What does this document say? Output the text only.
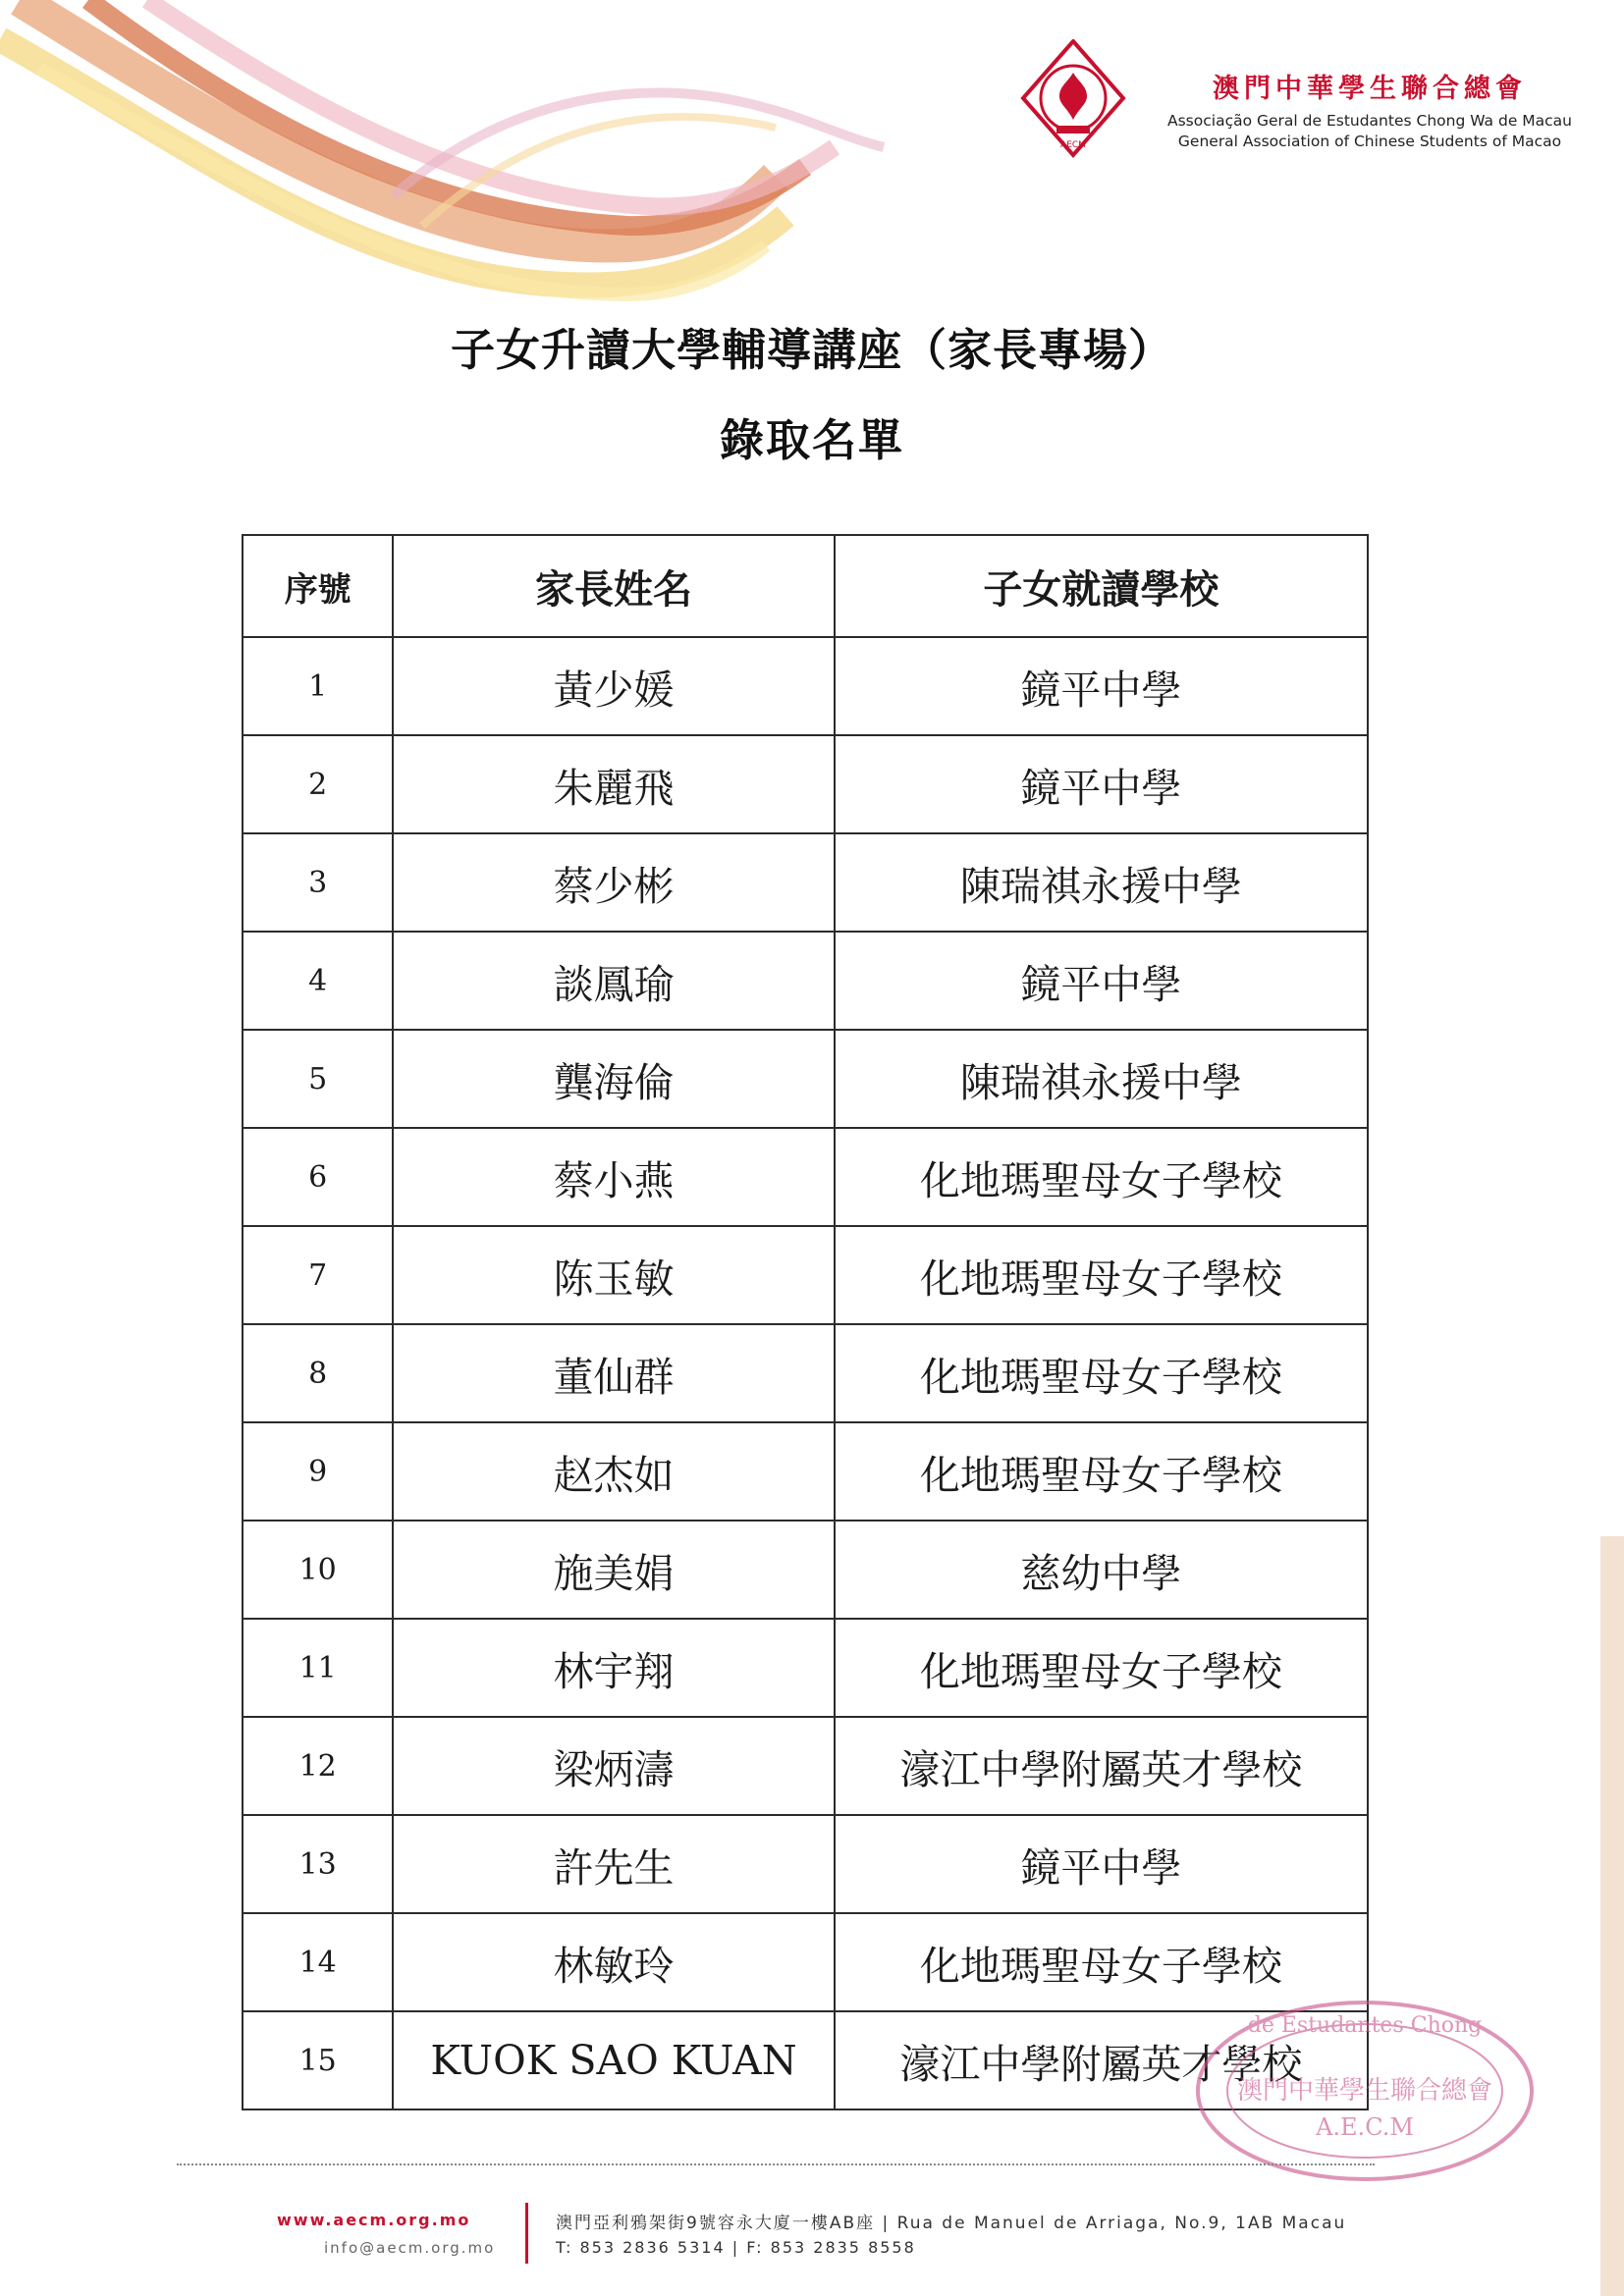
AECM
澳門中華學生聯合總會
Associação Geral de Estudantes Chong Wa de Macau
General Association of Chinese Students of Macao
子女升讀大學輔導講座（家長專場）
錄取名單
序號	家長姓名	子女就讀學校
1	黃少媛	鏡平中學
2	朱麗飛	鏡平中學
3	蔡少彬	陳瑞祺永援中學
4	談鳳瑜	鏡平中學
5	龔海倫	陳瑞祺永援中學
6	蔡小燕	化地瑪聖母女子學校
7	陈玉敏	化地瑪聖母女子學校
8	董仙群	化地瑪聖母女子學校
9	赵杰如	化地瑪聖母女子學校
10	施美娟	慈幼中學
11	林宇翔	化地瑪聖母女子學校
12	梁炳濤	濠江中學附屬英才學校
13	許先生	鏡平中學
14	林敏玲	化地瑪聖母女子學校
15	KUOK SAO KUAN	濠江中學附屬英才學校
de Estudantes Chong
澳門中華學生聯合總會
A.E.C.M
www.aecm.org.mo
info@aecm.org.mo
澳門亞利鴉架街9號容永大廈一樓AB座 | Rua de Manuel de Arriaga, No.9, 1AB Macau
T: 853 2836 5314 | F: 853 2835 8558
